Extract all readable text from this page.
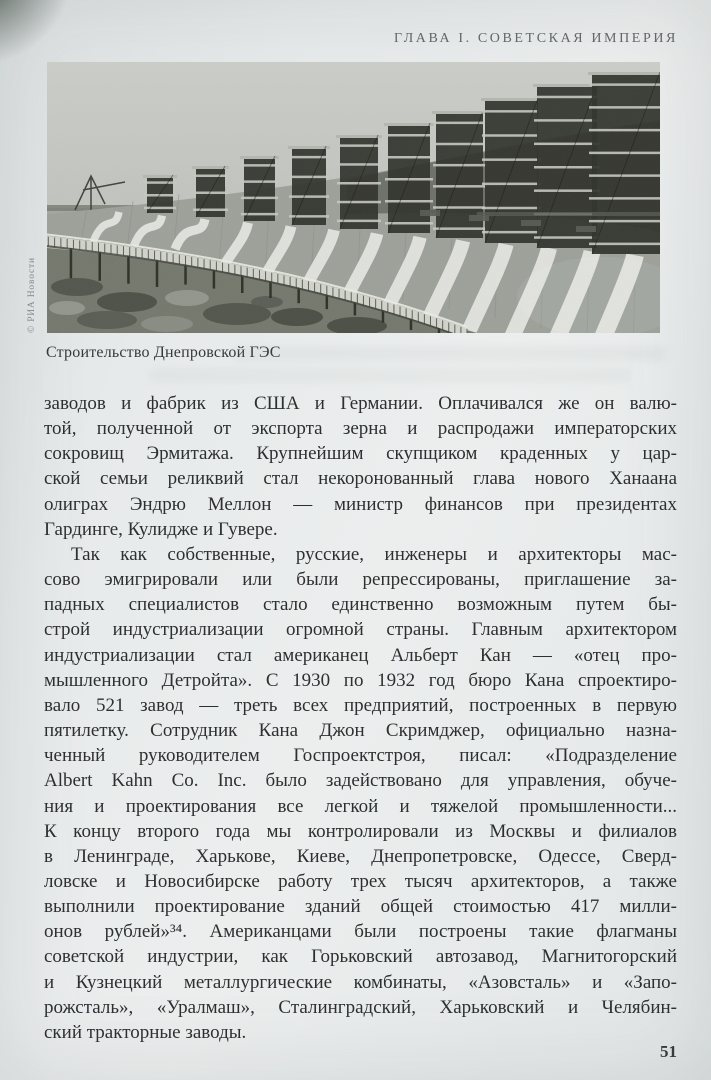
ГЛАВА I. СОВЕТСКАЯ ИМПЕРИЯ
© РИА Новости
Строительство Днепровской ГЭС
заводов и фабрик из США и Германии. Оплачивался же он валю-
той, полученной от экспорта зерна и распродажи императорских
сокровищ Эрмитажа. Крупнейшим скупщиком краденных у цар-
ской семьи реликвий стал некоронованный глава нового Ханаана
олиграх Эндрю Меллон — министр финансов при президентах
Гардинге, Кулидже и Гувере.
Так как собственные, русские, инженеры и архитекторы мас-
сово эмигрировали или были репрессированы, приглашение за-
падных специалистов стало единственно возможным путем бы-
строй индустриализации огромной страны. Главным архитектором
индустриализации стал американец Альберт Кан — «отец про-
мышленного Детройта». С 1930 по 1932 год бюро Кана спроектиро-
вало 521 завод — треть всех предприятий, построенных в первую
пятилетку. Сотрудник Кана Джон Скримджер, официально назна-
ченный руководителем Госпроектстроя, писал: «Подразделение
Albert Kahn Co. Inc. было задействовано для управления, обуче-
ния и проектирования все легкой и тяжелой промышленности...
К концу второго года мы контролировали из Москвы и филиалов
в Ленинграде, Харькове, Киеве, Днепропетровске, Одессе, Сверд-
ловске и Новосибирске работу трех тысяч архитекторов, а также
выполнили проектирование зданий общей стоимостью 417 милли-
онов рублей»³⁴. Американцами были построены такие флагманы
советской индустрии, как Горьковский автозавод, Магнитогорский
и Кузнецкий металлургические комбинаты, «Азовсталь» и «Запо-
рожсталь», «Уралмаш», Сталинградский, Харьковский и Челябин-
ский тракторные заводы.
51
